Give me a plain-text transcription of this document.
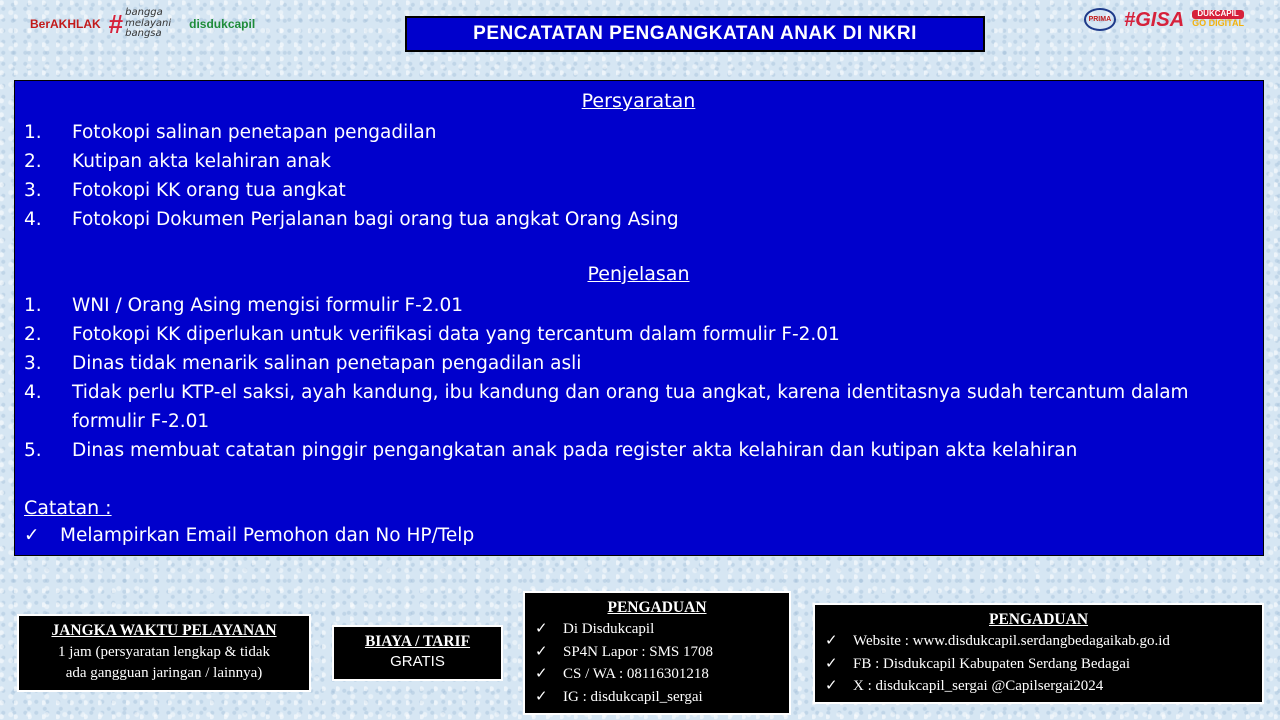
BerAKHLAK # bangga melayani bangsa
disdukcapil	PENCATATAN PENGANGKATAN ANAK DI NKRI
PRIMA #GISA	DUKCAPIL
GO DIGITAL
Persyaratan
1.	Fotokopi salinan penetapan pengadilan
2.	Kutipan akta kelahiran anak
3.	Fotokopi KK orang tua angkat
4.	Fotokopi Dokumen Perjalanan bagi orang tua angkat Orang Asing
Penjelasan
1.	WNI / Orang Asing mengisi formulir F-2.01
2.	Fotokopi KK diperlukan untuk verifikasi data yang tercantum dalam formulir F-2.01
3.	Dinas tidak menarik salinan penetapan pengadilan asli
4.	Tidak perlu KTP-el saksi, ayah kandung, ibu kandung dan orang tua angkat, karena identitasnya sudah tercantum dalam formulir F-2.01
5.	Dinas membuat catatan pinggir pengangkatan anak pada register akta kelahiran dan kutipan akta kelahiran
Catatan :
✓	Melampirkan Email Pemohon dan No HP/Telp
JANGKA WAKTU PELAYANAN
1 jam (persyaratan lengkap & tidak
ada gangguan jaringan / lainnya)
BIAYA / TARIF
GRATIS
PENGADUAN
✓	Di Disdukcapil
✓	SP4N Lapor : SMS 1708
✓	CS / WA : 08116301218
✓	IG : disdukcapil_sergai
PENGADUAN
✓	Website : www.disdukcapil.serdangbedagaikab.go.id
✓	FB : Disdukcapil Kabupaten Serdang Bedagai
✓	X : disdukcapil_sergai @Capilsergai2024
